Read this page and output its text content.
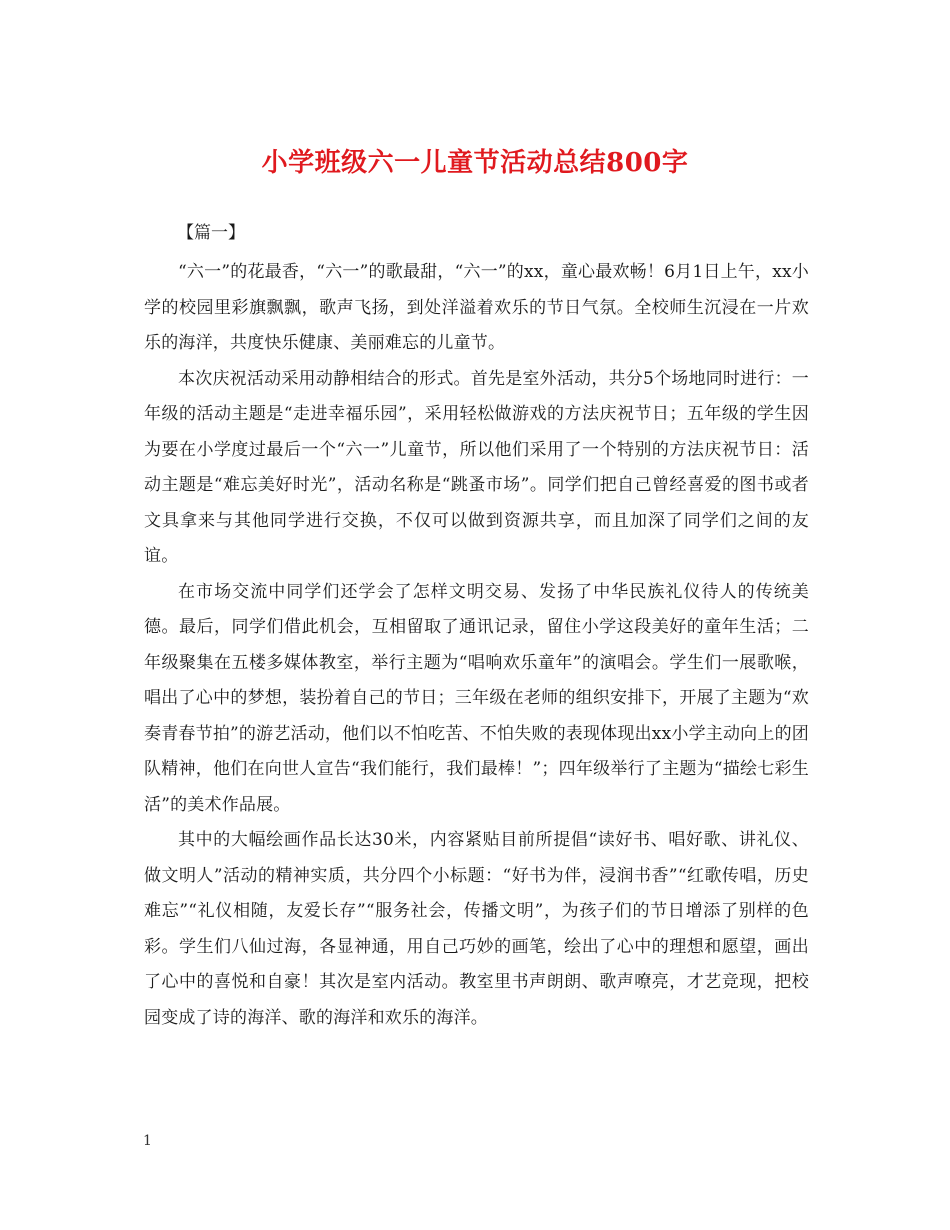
小学班级六一儿童节活动总结800字

【篇一】

“六一”的花最香，“六一”的歌最甜，“六一”的xx，童心最欢畅！6月1日上午，xx小学的校园里彩旗飘飘，歌声飞扬，到处洋溢着欢乐的节日气氛。全校师生沉浸在一片欢乐的海洋，共度快乐健康、美丽难忘的儿童节。

本次庆祝活动采用动静相结合的形式。首先是室外活动，共分5个场地同时进行：一年级的活动主题是“走进幸福乐园”，采用轻松做游戏的方法庆祝节日；五年级的学生因为要在小学度过最后一个“六一”儿童节，所以他们采用了一个特别的方法庆祝节日：活动主题是“难忘美好时光”，活动名称是“跳蚤市场”。同学们把自己曾经喜爱的图书或者文具拿来与其他同学进行交换，不仅可以做到资源共享，而且加深了同学们之间的友谊。

在市场交流中同学们还学会了怎样文明交易、发扬了中华民族礼仪待人的传统美德。最后，同学们借此机会，互相留取了通讯记录，留住小学这段美好的童年生活；二年级聚集在五楼多媒体教室，举行主题为“唱响欢乐童年”的演唱会。学生们一展歌喉，唱出了心中的梦想，装扮着自己的节日；三年级在老师的组织安排下，开展了主题为“欢奏青春节拍”的游艺活动，他们以不怕吃苦、不怕失败的表现体现出xx小学主动向上的团队精神，他们在向世人宣告“我们能行，我们最棒！”；四年级举行了主题为“描绘七彩生活”的美术作品展。

其中的大幅绘画作品长达30米，内容紧贴目前所提倡“读好书、唱好歌、讲礼仪、做文明人”活动的精神实质，共分四个小标题：“好书为伴，浸润书香”“红歌传唱，历史难忘”“礼仪相随，友爱长存”“服务社会，传播文明”，为孩子们的节日增添了别样的色彩。学生们八仙过海，各显神通，用自己巧妙的画笔，绘出了心中的理想和愿望，画出了心中的喜悦和自豪！其次是室内活动。教室里书声朗朗、歌声嘹亮，才艺竞现，把校园变成了诗的海洋、歌的海洋和欢乐的海洋。

1
